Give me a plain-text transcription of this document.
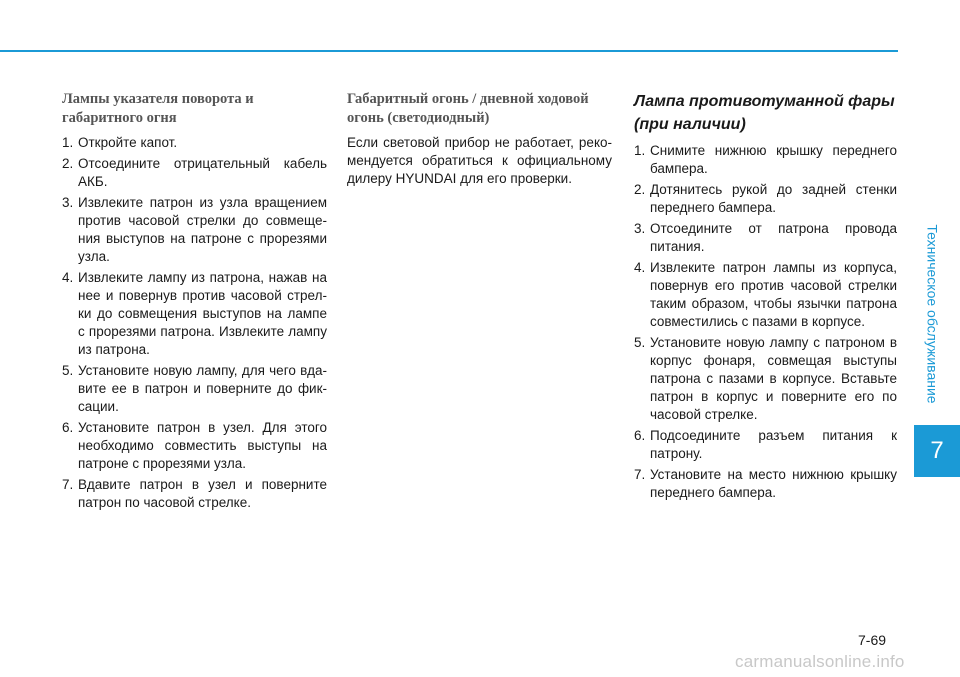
Техническое обслуживание
7
Лампы указателя поворота и габаритного огня
1. Откройте капот.
2. Отсоедините отрицательный кабель АКБ.
3. Извлеките патрон из узла вращением против часовой стрелки до совмеще-ния выступов на патроне с прорезями узла.
4. Извлеките лампу из патрона, нажав на нее и повернув против часовой стрел-ки до совмещения выступов на лампе с прорезями патрона. Извлеките лампу из патрона.
5. Установите новую лампу, для чего вда-вите ее в патрон и поверните до фик-сации.
6. Установите патрон в узел. Для этого необходимо совместить выступы на патроне с прорезями узла.
7. Вдавите патрон в узел и поверните патрон по часовой стрелке.
Габаритный огонь / дневной ходовой огонь (светодиодный)

Если световой прибор не работает, реко-мендуется обратиться к официальному дилеру HYUNDAI для его проверки.

Лампа противотуманной фары (при наличии)
1. Снимите нижнюю крышку переднего бампера.
2. Дотянитесь рукой до задней стенки переднего бампера.
3. Отсоедините от патрона провода питания.
4. Извлеките патрон лампы из корпуса, повернув его против часовой стрелки таким образом, чтобы язычки патрона совместились с пазами в корпусе.
5. Установите новую лампу с патроном в корпус фонаря, совмещая выступы патрона с пазами в корпусе. Вставьте патрон в корпус и поверните его по часовой стрелке.
6. Подсоедините разъем питания к патрону.
7. Установите на место нижнюю крышку переднего бампера.
7-69
carmanualsonline.info
